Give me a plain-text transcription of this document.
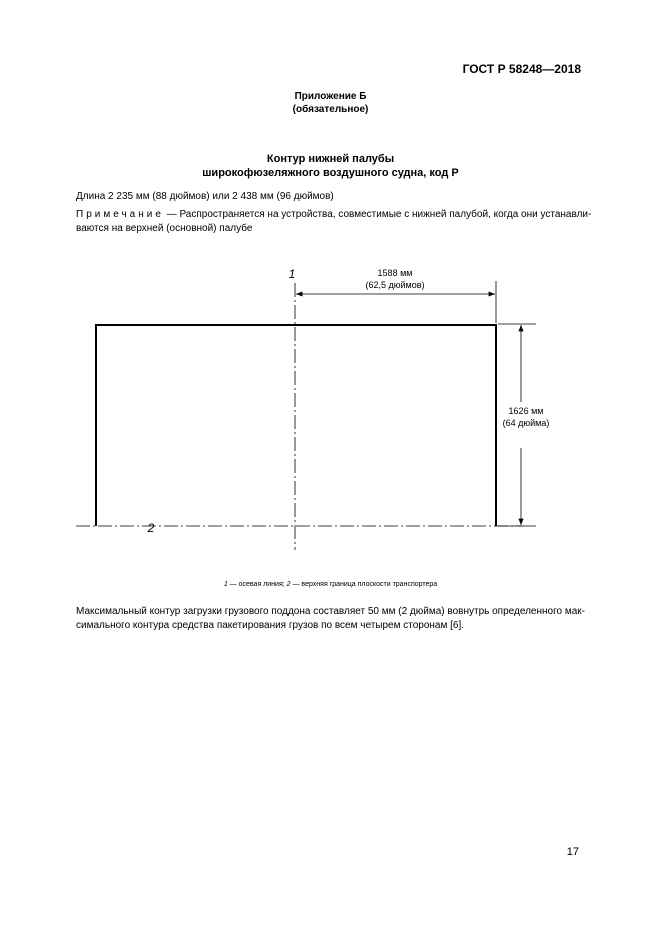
ГОСТ Р 58248—2018
Приложение Б
(обязательное)
Контур нижней палубы
широкофюзеляжного воздушного судна, код Р
Длина 2 235 мм (88 дюймов) или 2 438 мм (96 дюймов)
Примечание — Распространяется на устройства, совместимые с нижней палубой, когда они устанавли-
ваются на верхней (основной) палубе
1
2
1588 мм
(62,5 дюймов)
1626 мм
(64 дюйма)
1 — осевая линия; 2 — верхняя граница плоскости транспортера
Максимальный контур загрузки грузового поддона составляет 50 мм (2 дюйма) вовнутрь определенного мак-
симального контура средства пакетирования грузов по всем четырем сторонам [6].
17
